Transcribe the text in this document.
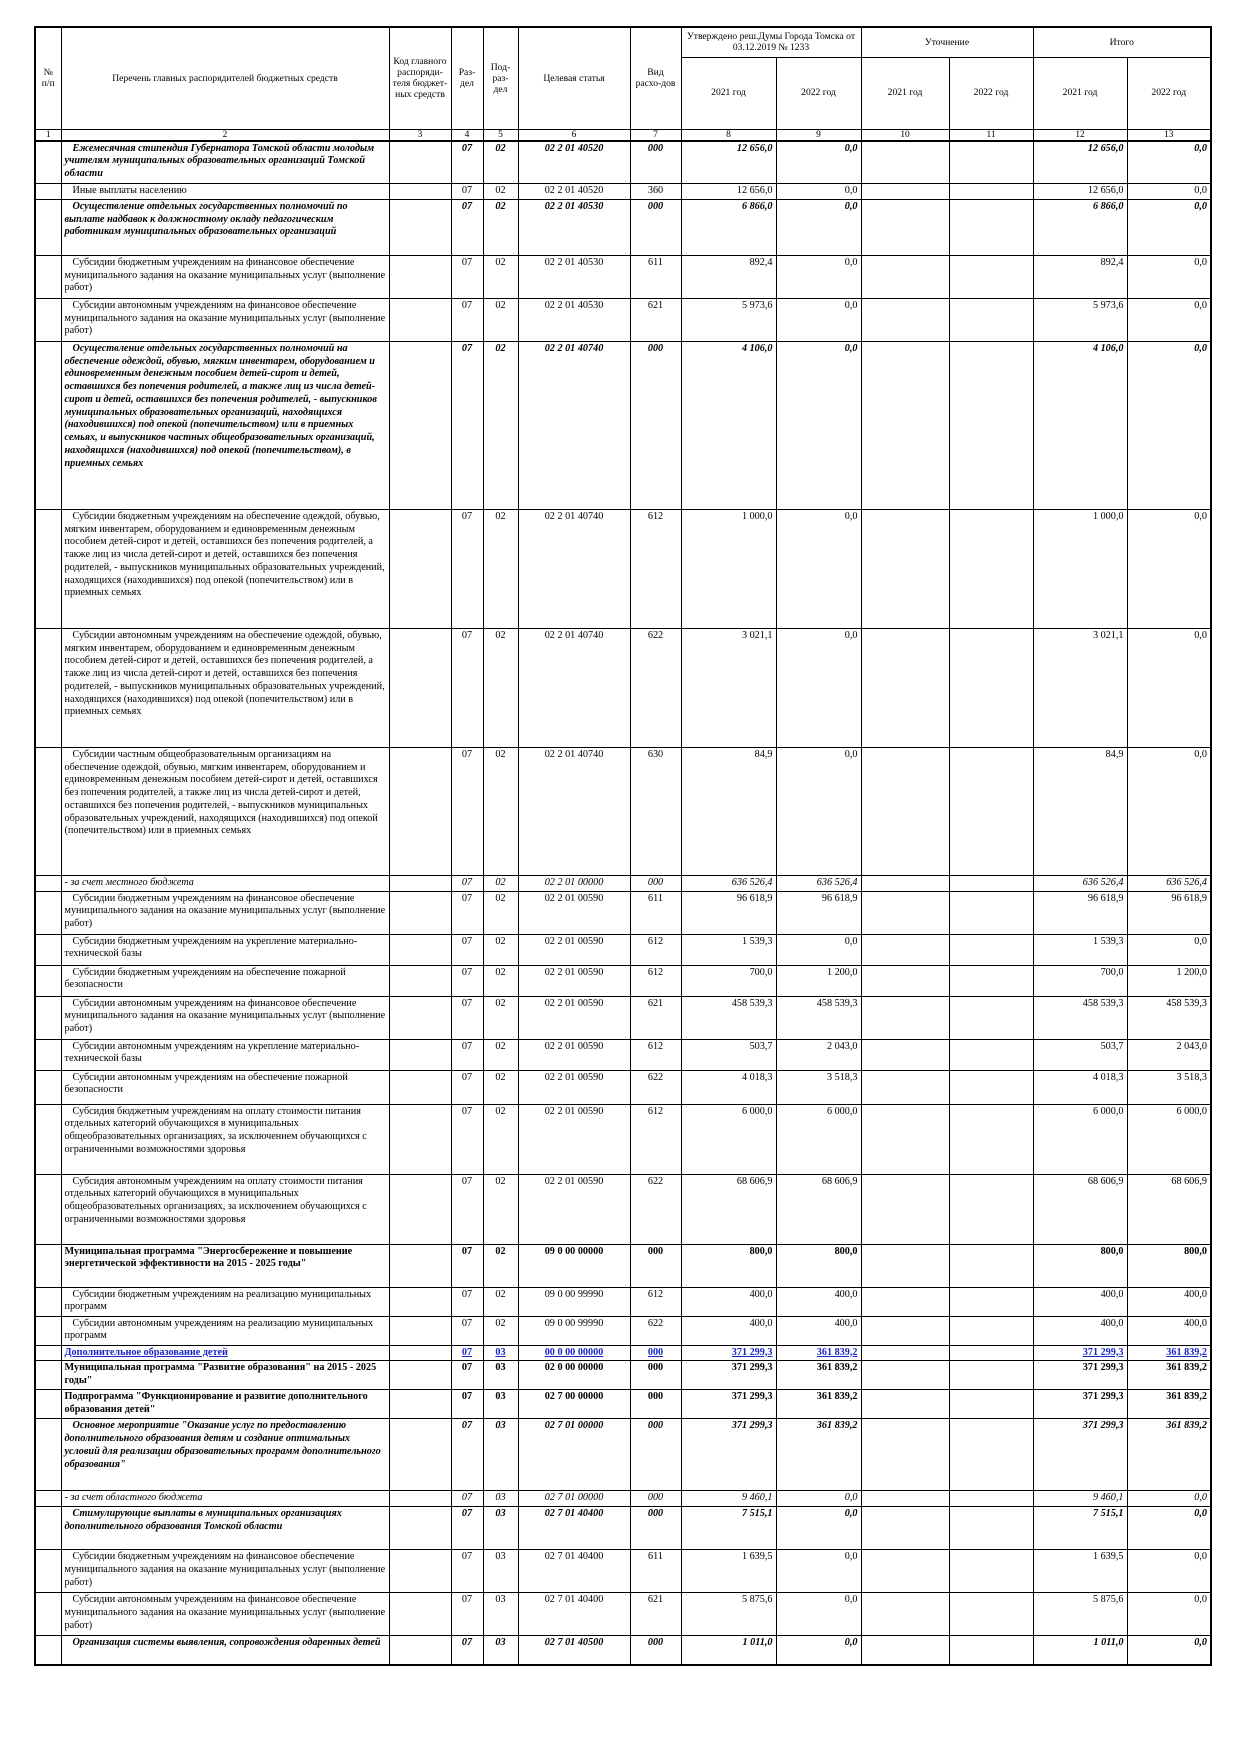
№ п/п	Перечень главных распорядителей бюджетных средств	Код главного распоряди-теля бюджет-ных средств	Раз-дел	Под-раз-дел	Целевая статья	Вид расхо-дов	Утверждено реш.Думы Города Томска от 03.12.2019 № 1233		Уточнение		Итого	
							2021 год	2022 год	2021 год	2022 год	2021 год	2022 год
1	2	3	4	5	6	7	8	9	10	11	12	13
	Ежемесячная стипендия Губернатора Томской области молодым учителям муниципальных образовательных организаций Томской области		07	02	02 2 01 40520	000	12 656,0	0,0			12 656,0	0,0
	Иные выплаты населению		07	02	02 2 01 40520	360	12 656,0	0,0			12 656,0	0,0
	Осуществление отдельных государственных полномочий по выплате надбавок к должностному окладу педагогическим работникам муниципальных образовательных организаций		07	02	02 2 01 40530	000	6 866,0	0,0			6 866,0	0,0
	Субсидии бюджетным учреждениям на финансовое обеспечение муниципального задания на оказание муниципальных услуг (выполнение работ)		07	02	02 2 01 40530	611	892,4	0,0			892,4	0,0
	Субсидии автономным учреждениям на финансовое обеспечение муниципального задания на оказание муниципальных услуг (выполнение работ)		07	02	02 2 01 40530	621	5 973,6	0,0			5 973,6	0,0
	Осуществление отдельных государственных полномочий на обеспечение одеждой, обувью, мягким инвентарем, оборудованием и единовременным денежным пособием детей-сирот и детей, оставшихся без попечения родителей, а также лиц из числа детей-сирот и детей, оставшихся без попечения родителей, - выпускников муниципальных образовательных организаций, находящихся (находившихся) под опекой (попечительством) или в приемных семьях, и выпускников частных общеобразовательных организаций, находящихся (находившихся) под опекой (попечительством), в приемных семьях		07	02	02 2 01 40740	000	4 106,0	0,0			4 106,0	0,0
	Субсидии бюджетным учреждениям на обеспечение одеждой, обувью, мягким инвентарем, оборудованием и единовременным денежным пособием детей-сирот и детей, оставшихся без попечения родителей, а также лиц из числа детей-сирот и детей, оставшихся без попечения родителей, - выпускников муниципальных образовательных учреждений, находящихся (находившихся) под опекой (попечительством) или в приемных семьях		07	02	02 2 01 40740	612	1 000,0	0,0			1 000,0	0,0
	Субсидии автономным учреждениям на обеспечение одеждой, обувью, мягким инвентарем, оборудованием и единовременным денежным пособием детей-сирот и детей, оставшихся без попечения родителей, а также лиц из числа детей-сирот и детей, оставшихся без попечения родителей, - выпускников муниципальных образовательных учреждений, находящихся (находившихся) под опекой (попечительством) или в приемных семьях		07	02	02 2 01 40740	622	3 021,1	0,0			3 021,1	0,0
	Субсидии частным общеобразовательным организациям на обеспечение одеждой, обувью, мягким инвентарем, оборудованием и единовременным денежным пособием детей-сирот и детей, оставшихся без попечения родителей, а также лиц из числа детей-сирот и детей, оставшихся без попечения родителей, - выпускников муниципальных образовательных учреждений, находящихся (находившихся) под опекой (попечительством) или в приемных семьях		07	02	02 2 01 40740	630	84,9	0,0			84,9	0,0
	- за счет местного бюджета		07	02	02 2 01 00000	000	636 526,4	636 526,4			636 526,4	636 526,4
	Субсидии бюджетным учреждениям на финансовое обеспечение муниципального задания на оказание муниципальных услуг (выполнение работ)		07	02	02 2 01 00590	611	96 618,9	96 618,9			96 618,9	96 618,9
	Субсидии бюджетным учреждениям на укрепление материально-технической базы		07	02	02 2 01 00590	612	1 539,3	0,0			1 539,3	0,0
	Субсидии бюджетным учреждениям на обеспечение пожарной безопасности		07	02	02 2 01 00590	612	700,0	1 200,0			700,0	1 200,0
	Субсидии автономным учреждениям на финансовое обеспечение муниципального задания на оказание муниципальных услуг (выполнение работ)		07	02	02 2 01 00590	621	458 539,3	458 539,3			458 539,3	458 539,3
	Субсидии автономным учреждениям на укрепление материально-технической базы		07	02	02 2 01 00590	612	503,7	2 043,0			503,7	2 043,0
	Субсидии автономным учреждениям на обеспечение пожарной безопасности		07	02	02 2 01 00590	622	4 018,3	3 518,3			4 018,3	3 518,3
	Субсидия бюджетным учреждениям на оплату стоимости питания отдельных категорий обучающихся в муниципальных общеобразовательных организациях, за исключением обучающихся с ограниченными возможностями здоровья		07	02	02 2 01 00590	612	6 000,0	6 000,0			6 000,0	6 000,0
	Субсидия автономным учреждениям на оплату стоимости питания отдельных категорий обучающихся в муниципальных общеобразовательных организациях, за исключением обучающихся с ограниченными возможностями здоровья		07	02	02 2 01 00590	622	68 606,9	68 606,9			68 606,9	68 606,9
	Муниципальная программа "Энергосбережение и повышение энергетической эффективности на 2015 - 2025 годы"		07	02	09 0 00 00000	000	800,0	800,0			800,0	800,0
	Субсидии бюджетным учреждениям на реализацию муниципальных программ		07	02	09 0 00 99990	612	400,0	400,0			400,0	400,0
	Субсидии автономным учреждениям на реализацию муниципальных программ		07	02	09 0 00 99990	622	400,0	400,0			400,0	400,0
	Дополнительное образование детей		07	03	00 0 00 00000	000	371 299,3	361 839,2			371 299,3	361 839,2
	Муниципальная программа "Развитие образования" на 2015 - 2025 годы"		07	03	02 0 00 00000	000	371 299,3	361 839,2			371 299,3	361 839,2
	Подпрограмма "Функционирование и развитие дополнительного образования детей"		07	03	02 7 00 00000	000	371 299,3	361 839,2			371 299,3	361 839,2
	Основное мероприятие "Оказание услуг по предоставлению дополнительного образования детям и создание оптимальных условий для реализации образовательных программ дополнительного образования"		07	03	02 7 01 00000	000	371 299,3	361 839,2			371 299,3	361 839,2
	- за счет областного бюджета		07	03	02 7 01 00000	000	9 460,1	0,0			9 460,1	0,0
	Стимулирующие выплаты в муниципальных организациях дополнительного образования Томской области		07	03	02 7 01 40400	000	7 515,1	0,0			7 515,1	0,0
	Субсидии бюджетным учреждениям на финансовое обеспечение муниципального задания на оказание муниципальных услуг (выполнение работ)		07	03	02 7 01 40400	611	1 639,5	0,0			1 639,5	0,0
	Субсидии автономным учреждениям на финансовое обеспечение муниципального задания на оказание муниципальных услуг (выполнение работ)		07	03	02 7 01 40400	621	5 875,6	0,0			5 875,6	0,0
	Организация системы выявления, сопровождения одаренных детей		07	03	02 7 01 40500	000	1 011,0	0,0			1 011,0	0,0
